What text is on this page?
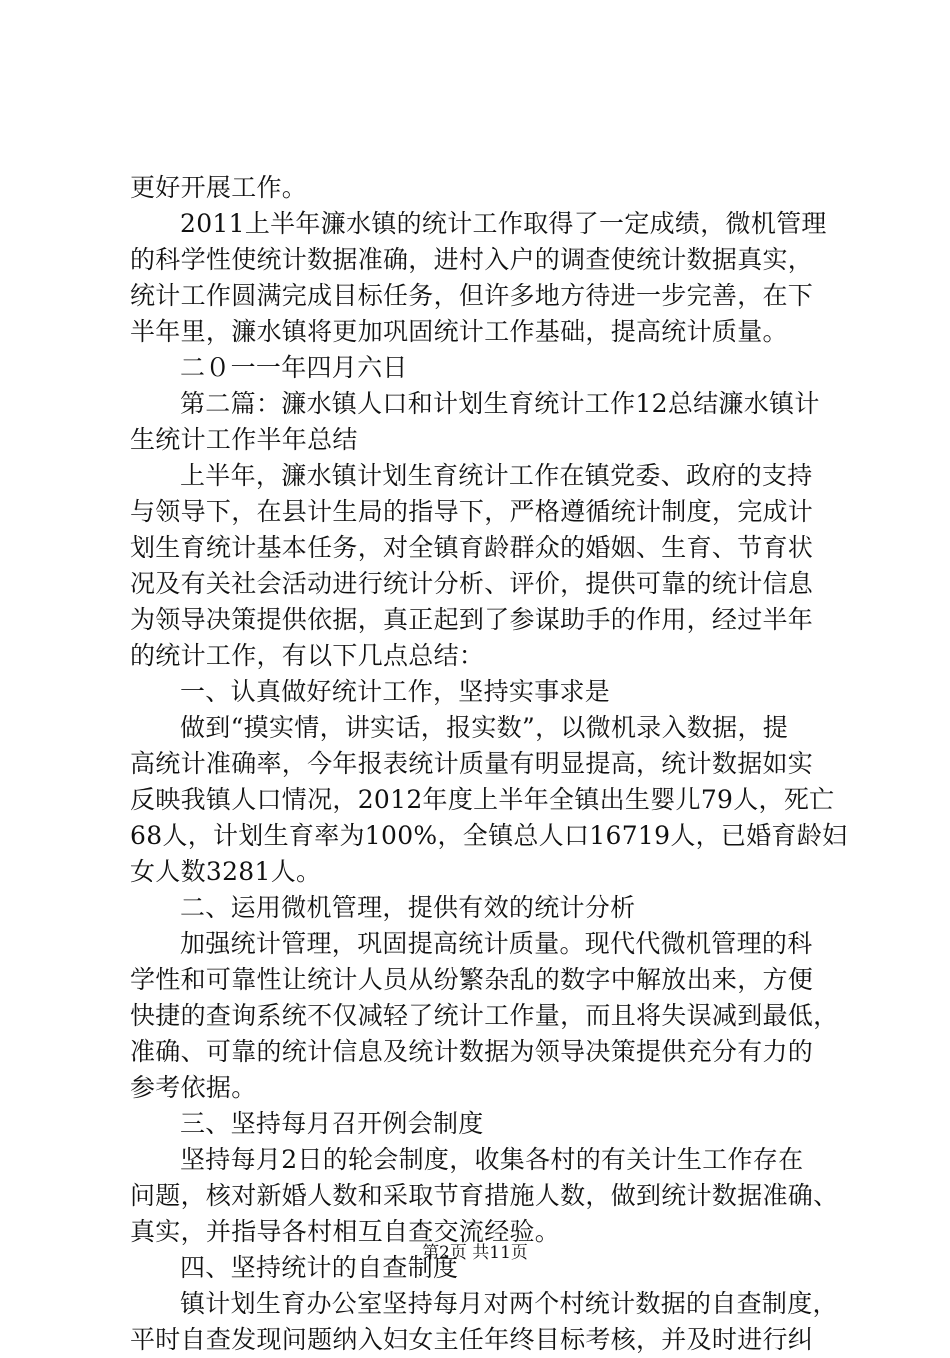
更好开展工作。
2011上半年濂水镇的统计工作取得了一定成绩，微机管理
的科学性使统计数据准确，进村入户的调查使统计数据真实，
统计工作圆满完成目标任务，但许多地方待进一步完善，在下
半年里，濂水镇将更加巩固统计工作基础，提高统计质量。
二０一一年四月六日
第二篇：濂水镇人口和计划生育统计工作12总结濂水镇计
生统计工作半年总结
上半年，濂水镇计划生育统计工作在镇党委、政府的支持
与领导下，在县计生局的指导下，严格遵循统计制度，完成计
划生育统计基本任务，对全镇育龄群众的婚姻、生育、节育状
况及有关社会活动进行统计分析、评价，提供可靠的统计信息
为领导决策提供依据，真正起到了参谋助手的作用，经过半年
的统计工作，有以下几点总结：
一、认真做好统计工作，坚持实事求是
做到“摸实情，讲实话，报实数”，以微机录入数据，提
高统计准确率，今年报表统计质量有明显提高，统计数据如实
反映我镇人口情况，2012年度上半年全镇出生婴儿79人，死亡
68人，计划生育率为100%，全镇总人口16719人，已婚育龄妇
女人数3281人。
二、运用微机管理，提供有效的统计分析
加强统计管理，巩固提高统计质量。现代代微机管理的科
学性和可靠性让统计人员从纷繁杂乱的数字中解放出来，方便
快捷的查询系统不仅减轻了统计工作量，而且将失误减到最低，
准确、可靠的统计信息及统计数据为领导决策提供充分有力的
参考依据。
三、坚持每月召开例会制度
坚持每月2日的轮会制度，收集各村的有关计生工作存在
问题，核对新婚人数和采取节育措施人数，做到统计数据准确、
真实，并指导各村相互自查交流经验。
四、坚持统计的自查制度
镇计划生育办公室坚持每月对两个村统计数据的自查制度，
平时自查发现问题纳入妇女主任年终目标考核，并及时进行纠
第2页 共11页
